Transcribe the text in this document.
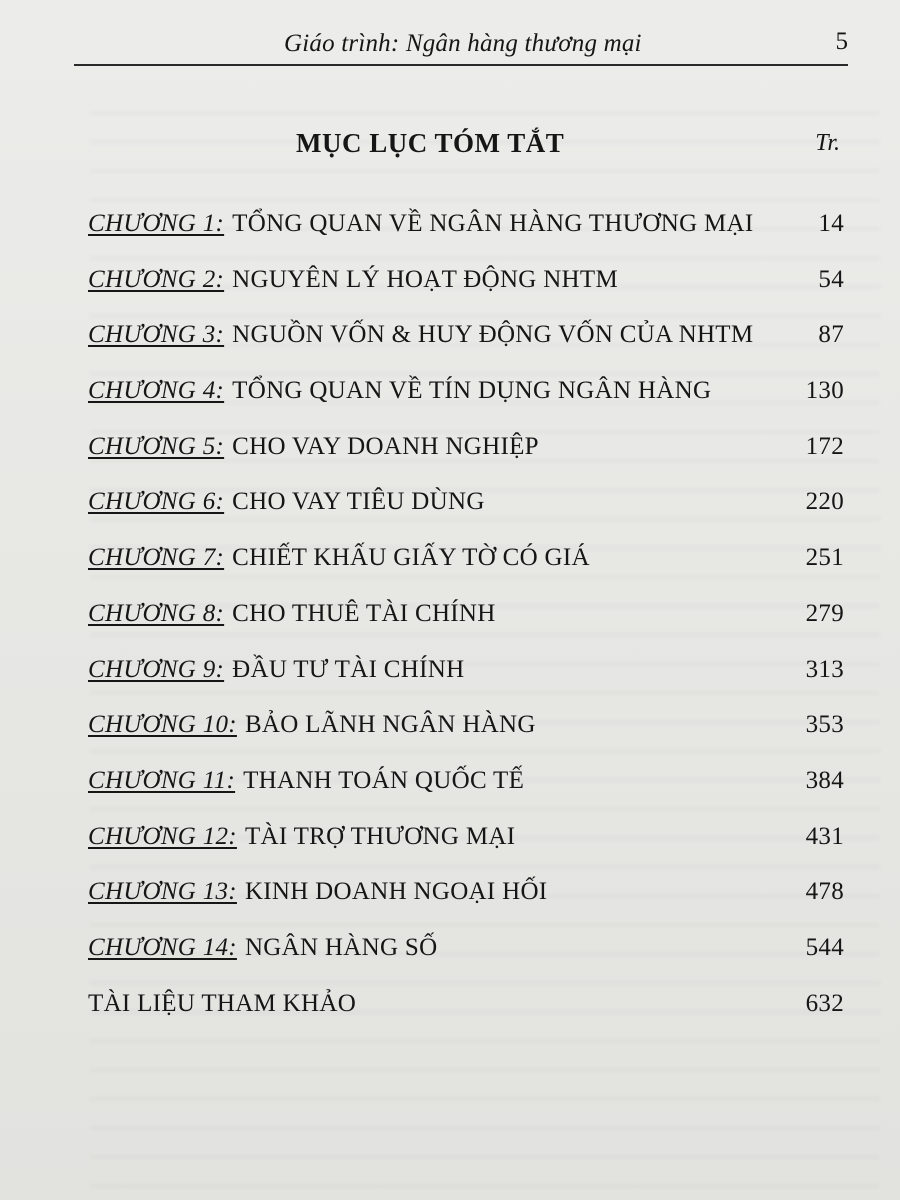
Giáo trình: Ngân hàng thương mại	5
MỤC LỤC TÓM TẮT	Tr.
CHƯƠNG 1: TỔNG QUAN VỀ NGÂN HÀNG THƯƠNG MẠI	14
CHƯƠNG 2: NGUYÊN LÝ HOẠT ĐỘNG NHTM	54
CHƯƠNG 3: NGUỒN VỐN & HUY ĐỘNG VỐN CỦA NHTM	87
CHƯƠNG 4: TỔNG QUAN VỀ TÍN DỤNG NGÂN HÀNG	130
CHƯƠNG 5: CHO VAY DOANH NGHIỆP	172
CHƯƠNG 6: CHO VAY TIÊU DÙNG	220
CHƯƠNG 7: CHIẾT KHẤU GIẤY TỜ CÓ GIÁ	251
CHƯƠNG 8: CHO THUÊ TÀI CHÍNH	279
CHƯƠNG 9: ĐẦU TƯ TÀI CHÍNH	313
CHƯƠNG 10: BẢO LÃNH NGÂN HÀNG	353
CHƯƠNG 11: THANH TOÁN QUỐC TẾ	384
CHƯƠNG 12: TÀI TRỢ THƯƠNG MẠI	431
CHƯƠNG 13: KINH DOANH NGOẠI HỐI	478
CHƯƠNG 14: NGÂN HÀNG SỐ	544
TÀI LIỆU THAM KHẢO	632
